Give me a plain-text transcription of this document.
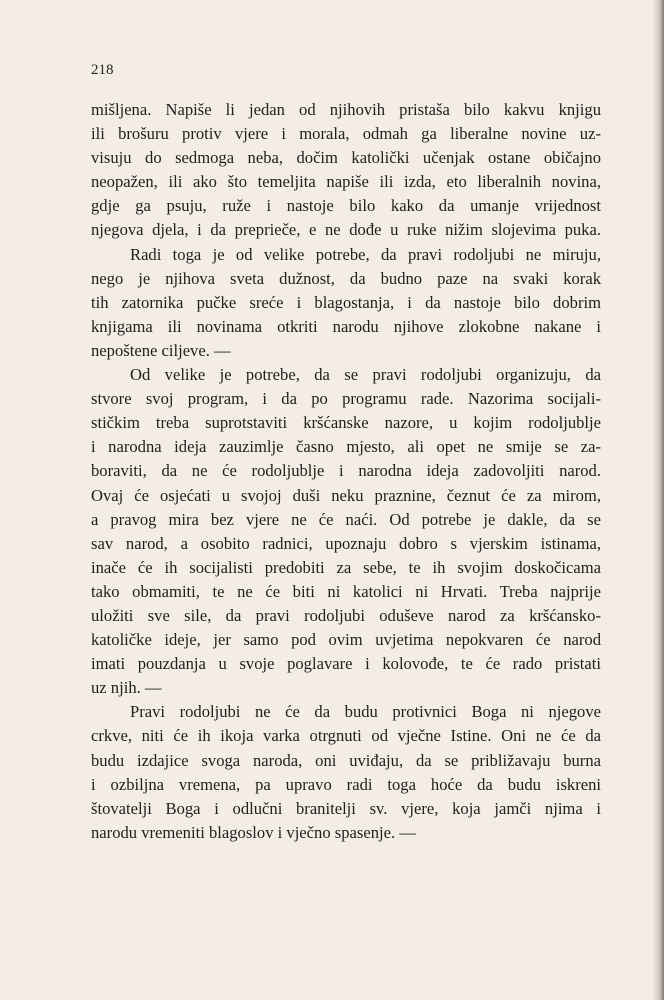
218
mišljena. Napiše li jedan od njihovih pristaša bilo kakvu knjigu
ili brošuru protiv vjere i morala, odmah ga liberalne novine uz-
visuju do sedmoga neba, dočim katolički učenjak ostane običajno
neopažen, ili ako što temeljita napiše ili izda, eto liberalnih novina,
gdje ga psuju, ruže i nastoje bilo kako da umanje vrijednost
njegova djela, i da preprieče, e ne dođe u ruke nižim slojevima puka.
Radi toga je od velike potrebe, da pravi rodoljubi ne miruju,
nego je njihova sveta dužnost, da budno paze na svaki korak
tih zatornika pučke sreće i blagostanja, i da nastoje bilo dobrim
knjigama ili novinama otkriti narodu njihove zlokobne nakane i
nepoštene ciljeve. —
Od velike je potrebe, da se pravi rodoljubi organizuju, da
stvore svoj program, i da po programu rade. Nazorima socijali-
stičkim treba suprotstaviti kršćanske nazore, u kojim rodoljublje
i narodna ideja zauzimlje časno mjesto, ali opet ne smije se za-
boraviti, da ne će rodoljublje i narodna ideja zadovoljiti narod.
Ovaj će osjećati u svojoj duši neku praznine, čeznut će za mirom,
a pravog mira bez vjere ne će naći. Od potrebe je dakle, da se
sav narod, a osobito radnici, upoznaju dobro s vjerskim istinama,
inače će ih socijalisti predobiti za sebe, te ih svojim doskočicama
tako obmamiti, te ne će biti ni katolici ni Hrvati. Treba najprije
uložiti sve sile, da pravi rodoljubi oduševe narod za kršćansko-
katoličke ideje, jer samo pod ovim uvjetima nepokvaren će narod
imati pouzdanja u svoje poglavare i kolovođe, te će rado pristati
uz njih. —
Pravi rodoljubi ne će da budu protivnici Boga ni njegove
crkve, niti će ih ikoja varka otrgnuti od vječne Istine. Oni ne će da
budu izdajice svoga naroda, oni uviđaju, da se približavaju burna
i ozbiljna vremena, pa upravo radi toga hoće da budu iskreni
štovatelji Boga i odlučni branitelji sv. vjere, koja jamči njima i
narodu vremeniti blagoslov i vječno spasenje. —
